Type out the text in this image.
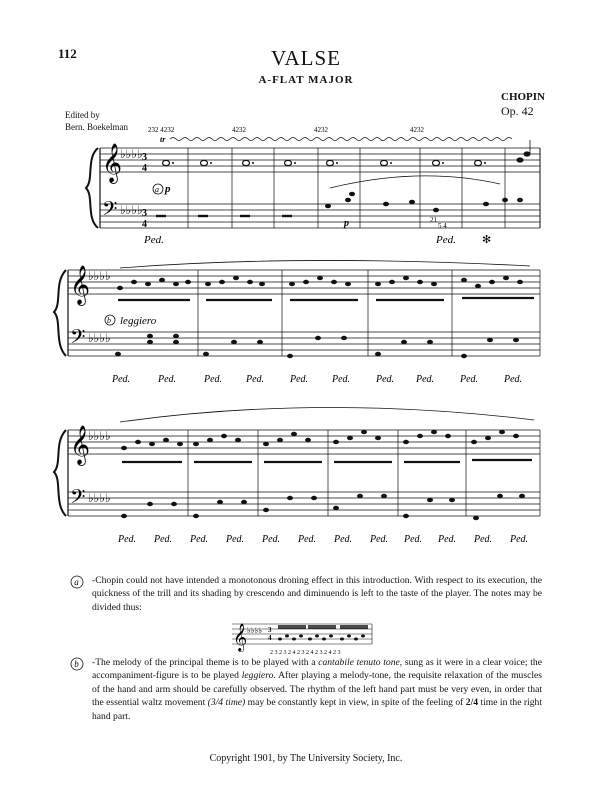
112	VALSE
A-FLAT MAJOR
Edited by
Bern. Boekelman
CHOPIN
Op. 42
232 4232	4232	4232	4232
tr
𝄞
𝄢
♭♭♭♭
♭♭♭♭
3
4
3
4
a p
p	21
5 4
Ped.	Ped. ✻
𝄞
𝄢
♭♭♭♭
♭♭♭♭
b leggiero
Ped.	Ped.	Ped. Ped.	Ped. Ped.	Ped. Ped.	Ped.	Ped.
𝄞
𝄢
♭♭♭♭
♭♭♭♭
Ped. Ped. Ped. Ped. Ped. Ped. Ped. Ped. Ped. Ped. Ped. Ped.
a -Chopin could not have intended a monotonous droning effect in this introduction. With respect to its execution, the quickness of the trill and its shading by crescendo and diminuendo is left to the taste of the player. The notes may be divided thus:
𝄞 ♭♭♭♭ 3
4
2 3 2 3 2 4 2 3 2 4 2 3 2 4 2 3
b -The melody of the principal theme is to be played with a cantabile tenuto tone, sung as it were in a clear voice; the accompaniment-figure is to be played leggiero. After playing a melody-tone, the requisite relaxation of the muscles of the hand and arm should be carefully observed. The rhythm of the left hand part must be very even, in order that the essential waltz movement (3/4 time) may be constantly kept in view, in spite of the feeling of 2/4 time in the right hand part.
Copyright 1901, by The University Society, Inc.
